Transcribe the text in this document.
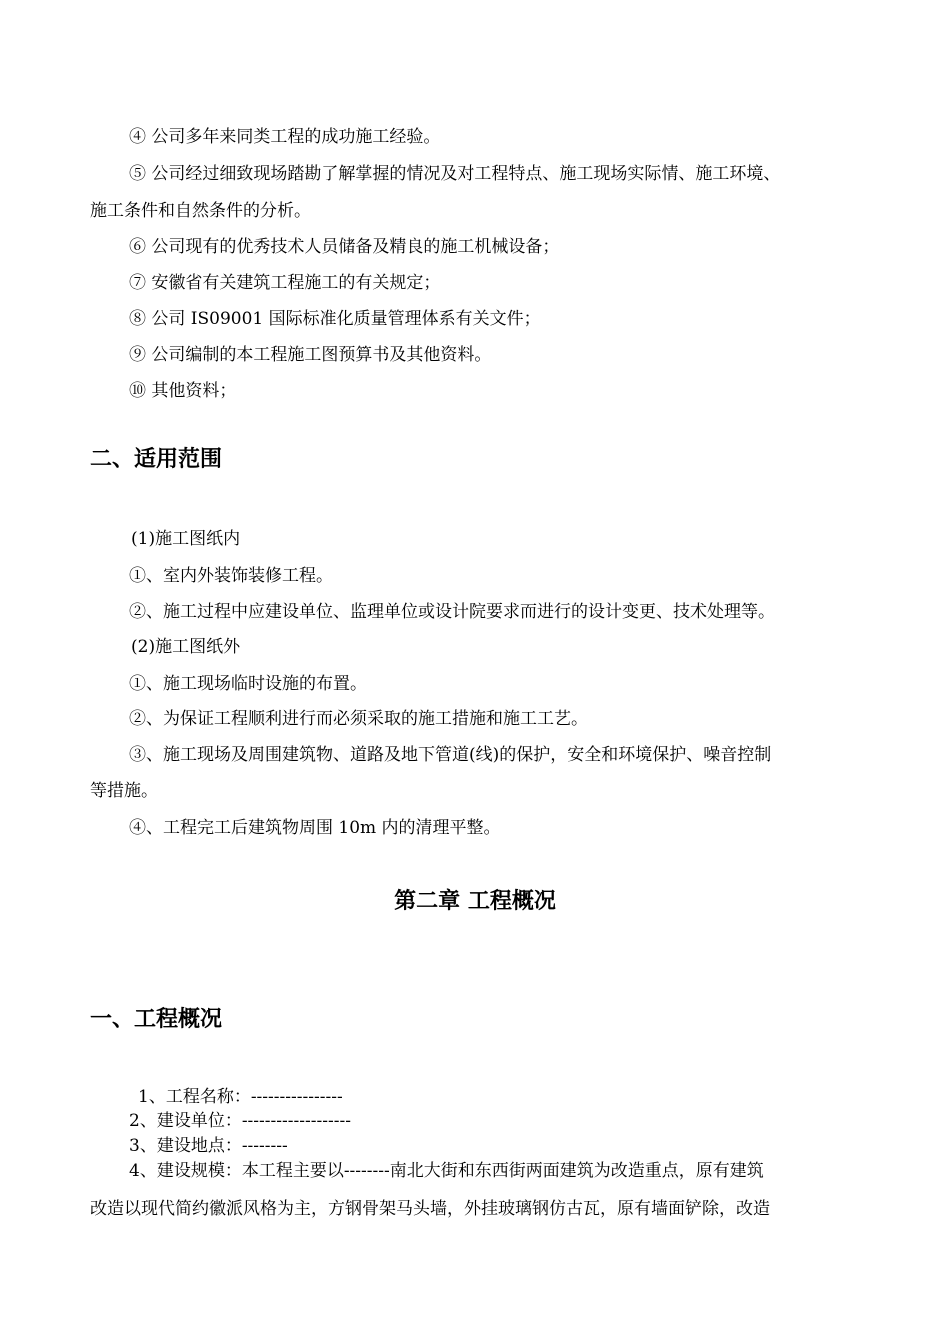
④ 公司多年来同类工程的成功施工经验。
⑤ 公司经过细致现场踏勘了解掌握的情况及对工程特点、施工现场实际情、施工环境、
施工条件和自然条件的分析。
⑥ 公司现有的优秀技术人员储备及精良的施工机械设备；
⑦ 安徽省有关建筑工程施工的有关规定；
⑧ 公司 IS09001 国际标准化质量管理体系有关文件；
⑨ 公司编制的本工程施工图预算书及其他资料。
⑩ 其他资料；
二、适用范围
(1)施工图纸内
①、室内外装饰装修工程。
②、施工过程中应建设单位、监理单位或设计院要求而进行的设计变更、技术处理等。
(2)施工图纸外
①、施工现场临时设施的布置。
②、为保证工程顺利进行而必须采取的施工措施和施工工艺。
③、施工现场及周围建筑物、道路及地下管道(线)的保护，安全和环境保护、噪音控制
等措施。
④、工程完工后建筑物周围 10m 内的清理平整。
第二章 工程概况
一、工程概况
1、工程名称：----------------
2、建设单位：-------------------
3、建设地点：--------
4、建设规模：本工程主要以--------南北大街和东西街两面建筑为改造重点，原有建筑
改造以现代简约徽派风格为主，方钢骨架马头墙，外挂玻璃钢仿古瓦，原有墙面铲除，改造
